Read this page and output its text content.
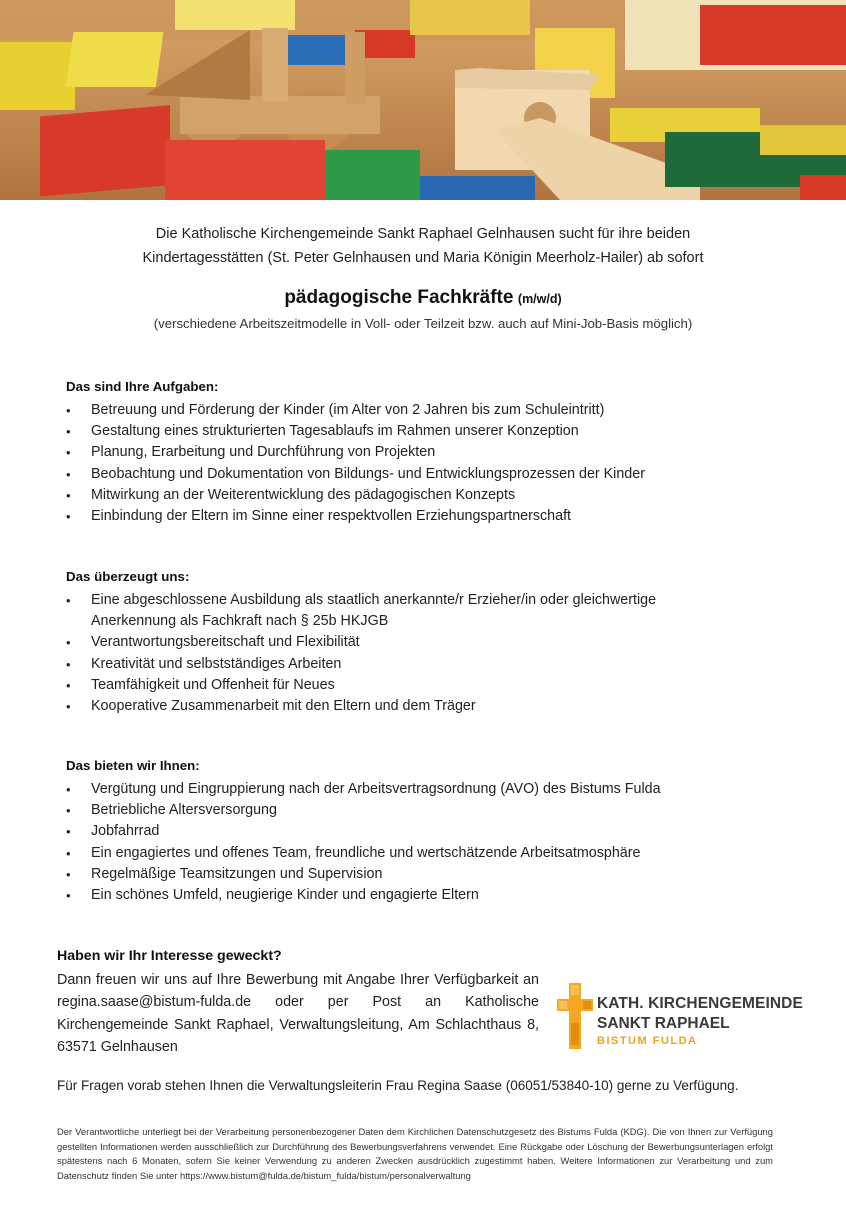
Die Katholische Kirchengemeinde Sankt Raphael Gelnhausen sucht für ihre beiden
Kindertagesstätten (St. Peter Gelnhausen und Maria Königin Meerholz-Hailer) ab sofort
pädagogische Fachkräfte (m/w/d)
(verschiedene Arbeitszeitmodelle in Voll- oder Teilzeit bzw. auch auf Mini-Job-Basis möglich)
Das sind Ihre Aufgaben:
• Betreuung und Förderung der Kinder (im Alter von 2 Jahren bis zum Schuleintritt)
• Gestaltung eines strukturierten Tagesablaufs im Rahmen unserer Konzeption
• Planung, Erarbeitung und Durchführung von Projekten
• Beobachtung und Dokumentation von Bildungs- und Entwicklungsprozessen der Kinder
• Mitwirkung an der Weiterentwicklung des pädagogischen Konzepts
• Einbindung der Eltern im Sinne einer respektvollen Erziehungspartnerschaft
Das überzeugt uns:
• Eine abgeschlossene Ausbildung als staatlich anerkannte/r Erzieher/in oder gleichwertige Anerkennung als Fachkraft nach § 25b HKJGB
• Verantwortungsbereitschaft und Flexibilität
• Kreativität und selbstständiges Arbeiten
• Teamfähigkeit und Offenheit für Neues
• Kooperative Zusammenarbeit mit den Eltern und dem Träger
Das bieten wir Ihnen:
• Vergütung und Eingruppierung nach der Arbeitsvertragsordnung (AVO) des Bistums Fulda
• Betriebliche Altersversorgung
• Jobfahrrad
• Ein engagiertes und offenes Team, freundliche und wertschätzende Arbeitsatmosphäre
• Regelmäßige Teamsitzungen und Supervision
• Ein schönes Umfeld, neugierige Kinder und engagierte Eltern
Haben wir Ihr Interesse geweckt?
Dann freuen wir uns auf Ihre Bewerbung mit Angabe Ihrer Verfügbarkeit an regina.saase@bistum-fulda.de oder per Post an Katholische Kirchengemeinde Sankt Raphael, Verwaltungsleitung, Am Schlachthaus 8, 63571 Gelnhausen
KATH. KIRCHENGEMEINDE
SANKT RAPHAEL
BISTUM FULDA
Für Fragen vorab stehen Ihnen die Verwaltungsleiterin Frau Regina Saase (06051/53840-10) gerne zu Verfügung.
Der Verantwortliche unterliegt bei der Verarbeitung personenbezogener Daten dem Kirchlichen Datenschutzgesetz des Bistums Fulda (KDG). Die von Ihnen zur Verfügung gestellten Informationen werden ausschließlich zur Durchführung des Bewerbungsverfahrens verwendet. Eine Rückgabe oder Löschung der Bewerbungsunterlagen erfolgt spätestens nach 6 Monaten, sofern Sie keiner Verwendung zu anderen Zwecken ausdrücklich zugestimmt haben. Weitere Informationen zur Verarbeitung und zum Datenschutz finden Sie unter https://www.bistum@fulda.de/bistum_fulda/bistum/personalverwaltung
